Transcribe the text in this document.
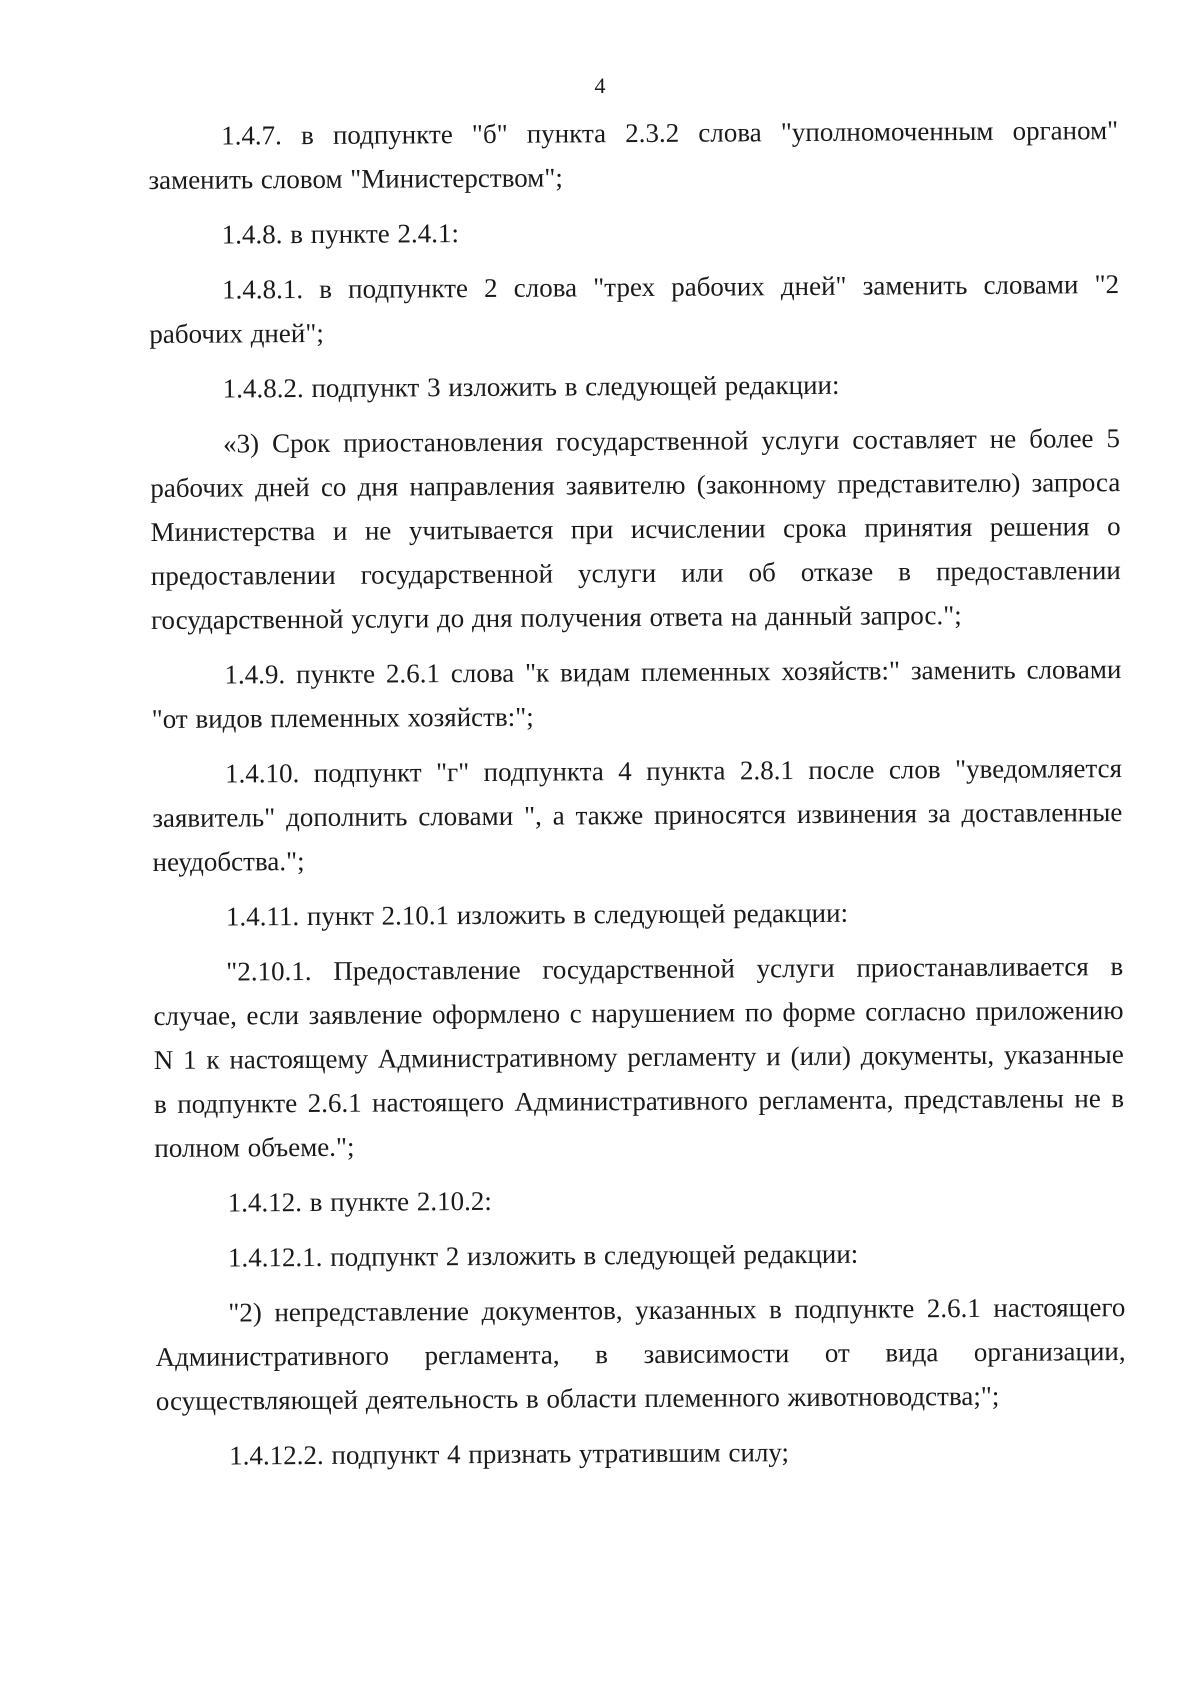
4

1.4.7. в подпункте "б" пункта 2.3.2 слова "уполномоченным органом" заменить словом "Министерством";

1.4.8. в пункте 2.4.1:

1.4.8.1. в подпункте 2 слова "трех рабочих дней" заменить словами "2 рабочих дней";

1.4.8.2. подпункт 3 изложить в следующей редакции:

«3) Срок приостановления государственной услуги составляет не более 5 рабочих дней со дня направления заявителю (законному представителю) запроса Министерства и не учитывается при исчислении срока принятия решения о предоставлении государственной услуги или об отказе в предоставлении государственной услуги до дня получения ответа на данный запрос.";

1.4.9. пункте 2.6.1 слова "к видам племенных хозяйств:" заменить словами "от видов племенных хозяйств:";

1.4.10. подпункт "г" подпункта 4 пункта 2.8.1 после слов "уведомляется заявитель" дополнить словами ", а также приносятся извинения за доставленные неудобства.";

1.4.11. пункт 2.10.1 изложить в следующей редакции:

"2.10.1. Предоставление государственной услуги приостанавливается в случае, если заявление оформлено с нарушением по форме согласно приложению N 1 к настоящему Административному регламенту и (или) документы, указанные в подпункте 2.6.1 настоящего Административного регламента, представлены не в полном объеме.";

1.4.12. в пункте 2.10.2:

1.4.12.1. подпункт 2 изложить в следующей редакции:

"2) непредставление документов, указанных в подпункте 2.6.1 настоящего Административного регламента, в зависимости от вида организации, осуществляющей деятельность в области племенного животноводства;";

1.4.12.2. подпункт 4 признать утратившим силу;
